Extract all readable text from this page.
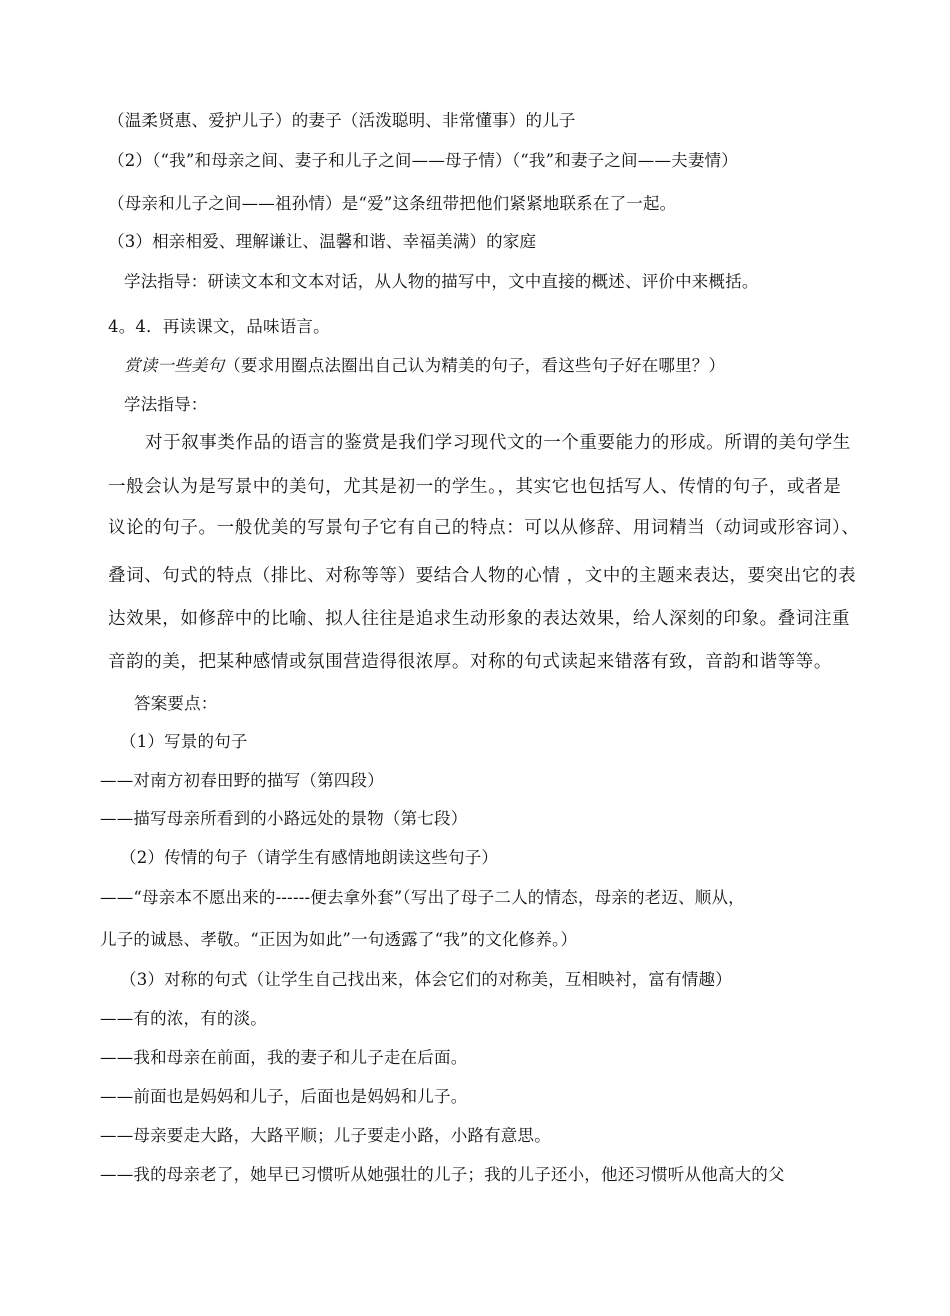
（温柔贤惠、爱护儿子）的妻子（活泼聪明、非常懂事）的儿子
（2）（“我”和母亲之间、妻子和儿子之间——母子情）（“我”和妻子之间——夫妻情）
（母亲和儿子之间——祖孙情）是“爱”这条纽带把他们紧紧地联系在了一起。
（3）相亲相爱、理解谦让、温馨和谐、幸福美满）的家庭
学法指导：研读文本和文本对话，从人物的描写中，文中直接的概述、评价中来概括。
4。4．再读课文，品味语言。
赏读一些美句（要求用圈点法圈出自己认为精美的句子，看这些句子好在哪里？）
学法指导：
对于叙事类作品的语言的鉴赏是我们学习现代文的一个重要能力的形成。所谓的美句学生
一般会认为是写景中的美句，尤其是初一的学生。，其实它也包括写人、传情的句子，或者是
议论的句子。一般优美的写景句子它有自己的特点：可以从修辞、用词精当（动词或形容词）、
叠词、句式的特点（排比、对称等等）要结合人物的心情 ，文中的主题来表达，要突出它的表
达效果，如修辞中的比喻、拟人往往是追求生动形象的表达效果，给人深刻的印象。叠词注重
音韵的美，把某种感情或氛围营造得很浓厚。对称的句式读起来错落有致，音韵和谐等等。
答案要点：
（1）写景的句子
——对南方初春田野的描写（第四段）
——描写母亲所看到的小路远处的景物（第七段）
（2）传情的句子（请学生有感情地朗读这些句子）
——“母亲本不愿出来的------便去拿外套”（写出了母子二人的情态，母亲的老迈、顺从，
儿子的诚恳、孝敬。“正因为如此”一句透露了“我”的文化修养。）
（3）对称的句式（让学生自己找出来，体会它们的对称美，互相映衬，富有情趣）
——有的浓，有的淡。
——我和母亲在前面，我的妻子和儿子走在后面。
——前面也是妈妈和儿子，后面也是妈妈和儿子。
——母亲要走大路，大路平顺；儿子要走小路，小路有意思。
——我的母亲老了，她早已习惯听从她强壮的儿子；我的儿子还小，他还习惯听从他高大的父
